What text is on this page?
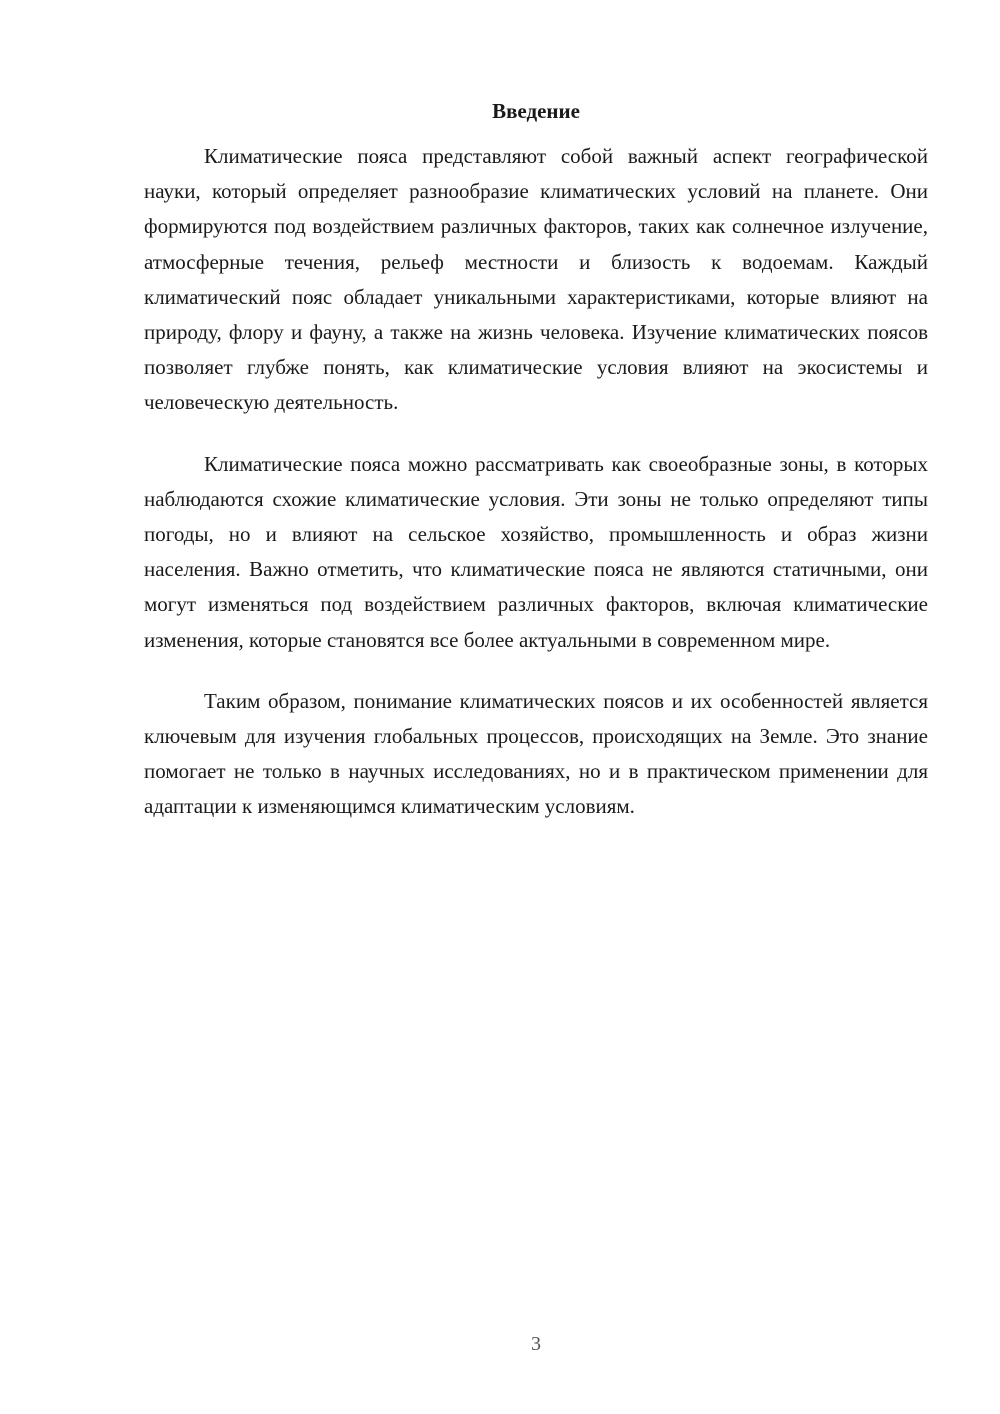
Введение

Климатические пояса представляют собой важный аспект географической науки, который определяет разнообразие климатических условий на планете. Они формируются под воздействием различных факторов, таких как солнечное излучение, атмосферные течения, рельеф местности и близость к водоемам. Каждый климатический пояс обладает уникальными характеристиками, которые влияют на природу, флору и фауну, а также на жизнь человека. Изучение климатических поясов позволяет глубже понять, как климатические условия влияют на экосистемы и человеческую деятельность.

Климатические пояса можно рассматривать как своеобразные зоны, в которых наблюдаются схожие климатические условия. Эти зоны не только определяют типы погоды, но и влияют на сельское хозяйство, промышленность и образ жизни населения. Важно отметить, что климатические пояса не являются статичными, они могут изменяться под воздействием различных факторов, включая климатические изменения, которые становятся все более актуальными в современном мире.

Таким образом, понимание климатических поясов и их особенностей является ключевым для изучения глобальных процессов, происходящих на Земле. Это знание помогает не только в научных исследованиях, но и в практическом применении для адаптации к изменяющимся климатическим условиям.

3
